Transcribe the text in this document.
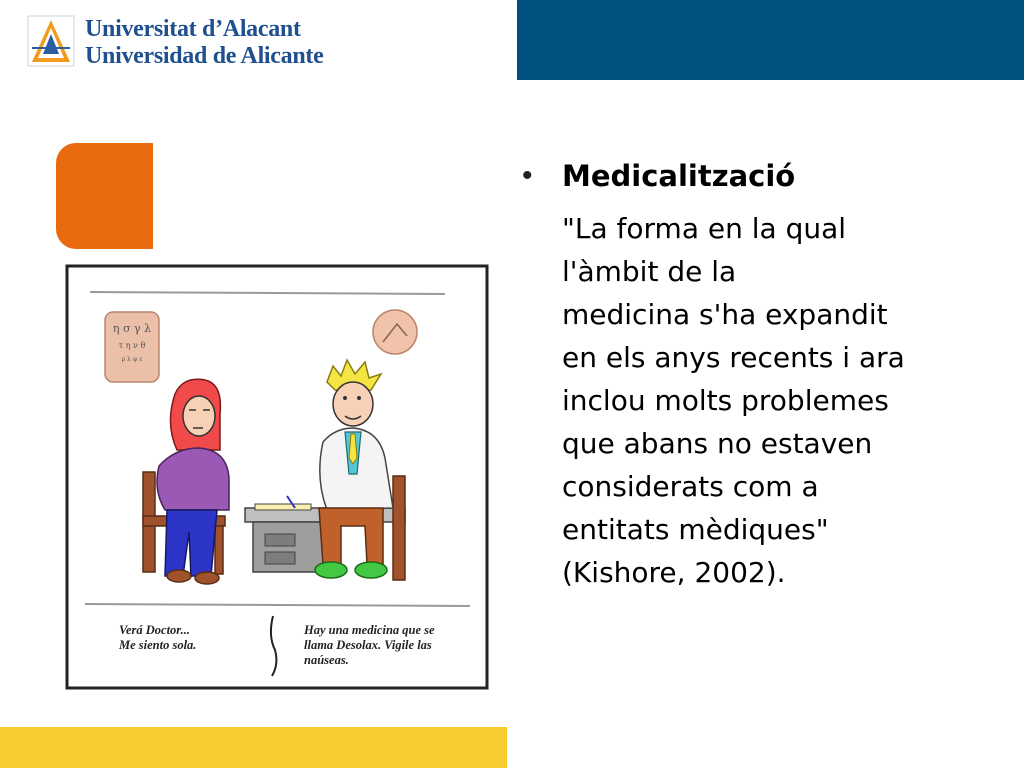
Universitat d’Alacant
Universidad de Alicante
η σ γ λ
τ η ν θ
ρ λ ψ ε
Verá Doctor...
Me siento sola.
Hay una medicina que se
llama Desolax. Vigile las
naúseas.
• Medicalització
"La forma en la qual
l'àmbit de la
medicina s'ha expandit
en els anys recents i ara
inclou molts problemes
que abans no estaven
considerats com a
entitats mèdiques"
(Kishore, 2002).
